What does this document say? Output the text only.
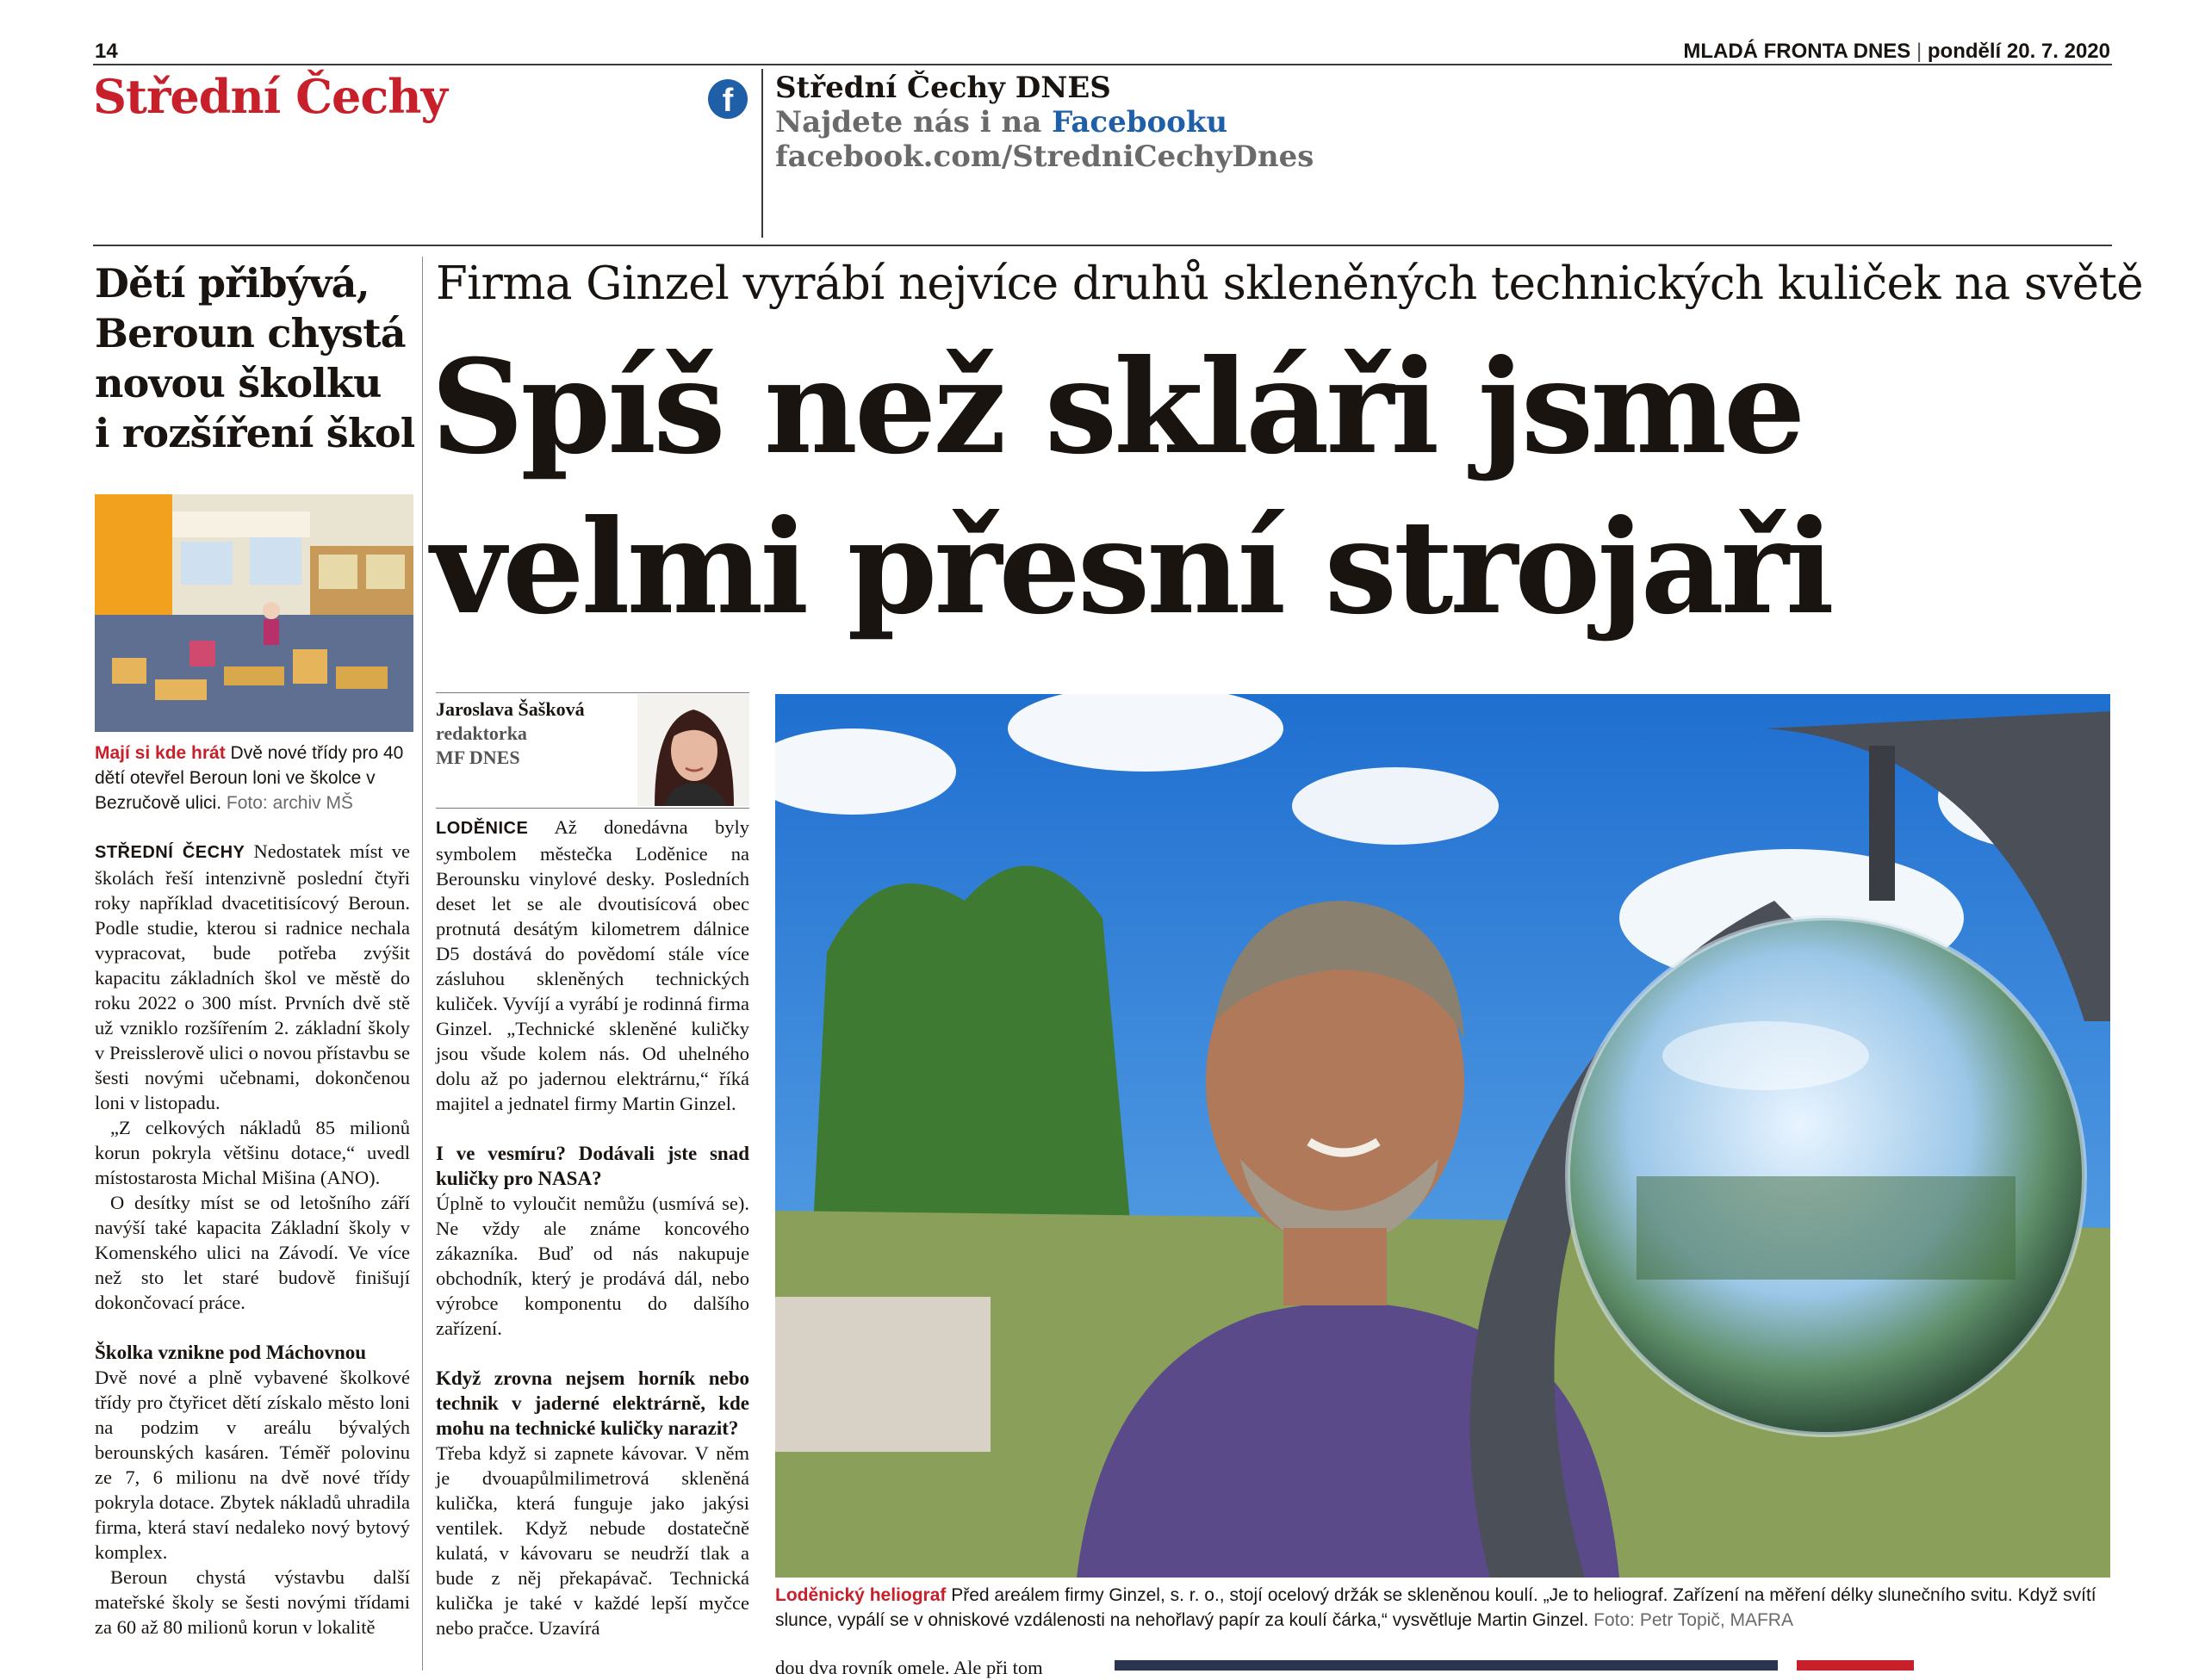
14	MLADÁ FRONTA DNES | pondělí 20. 7. 2020
Střední Čechy	f	Střední Čechy DNES
Najdete nás i na Facebooku
facebook.com/StredniCechyDnes
Dětí přibývá,
Beroun chystá
novou školku
i rozšíření škol
Mají si kde hrát Dvě nové třídy pro 40 dětí otevřel Beroun loni ve školce v Bezručově ulici. Foto: archiv MŠ

STŘEDNÍ ČECHY Nedostatek míst ve školách řeší intenzivně poslední čtyři roky například dvacetitisícový Beroun. Podle studie, kterou si radnice nechala vypracovat, bude potřeba zvýšit kapacitu základních škol ve městě do roku 2022 o 300 míst. Prvních dvě stě už vzniklo rozšířením 2. základní školy v Preisslerově ulici o novou přístavbu se šesti novými učebnami, dokončenou loni v listopadu.

„Z celkových nákladů 85 milionů korun pokryla většinu dotace,“ uvedl místostarosta Michal Mišina (ANO).

O desítky míst se od letošního září navýší také kapacita Základní školy v Komenského ulici na Závodí. Ve více než sto let staré budově finišují dokončovací práce.

Školka vznikne pod Máchovnou

Dvě nové a plně vybavené školkové třídy pro čtyřicet dětí získalo město loni na podzim v areálu bývalých berounských kasáren. Téměř polovinu ze 7, 6 milionu na dvě nové třídy pokryla dotace. Zbytek nákladů uhradila firma, která staví nedaleko nový bytový komplex.

Beroun chystá výstavbu další mateřské školy se šesti novými třídami za 60 až 80 milionů korun v lokalitě

Firma Ginzel vyrábí nejvíce druhů skleněných technických kuliček na světě
Spíš než skláři jsme
velmi přesní strojaři
Jaroslava Šašková
redaktorka
MF DNES

LODĚNICE Až donedávna byly symbolem městečka Loděnice na Berounsku vinylové desky. Posledních deset let se ale dvoutisícová obec protnutá desátým kilometrem dálnice D5 dostává do povědomí stále více zásluhou skleněných technických kuliček. Vyvíjí a vyrábí je rodinná firma Ginzel. „Technické skleněné kuličky jsou všude kolem nás. Od uhelného dolu až po jadernou elektrárnu,“ říká majitel a jednatel firmy Martin Ginzel.

I ve vesmíru? Dodávali jste snad kuličky pro NASA?

Úplně to vyloučit nemůžu (usmívá se). Ne vždy ale známe koncového zákazníka. Buď od nás nakupuje obchodník, který je prodává dál, nebo výrobce komponentu do dalšího zařízení.

Když zrovna nejsem horník nebo technik v jaderné elektrárně, kde mohu na technické kuličky narazit?

Třeba když si zapnete kávovar. V něm je dvouapůlmilimetrová skleněná kulička, která funguje jako jakýsi ventilek. Když nebude dostatečně kulatá, v kávovaru se neudrží tlak a bude z něj překapávač. Technická kulička je také v každé lepší myčce nebo pračce. Uzavírá

Loděnický heliograf Před areálem firmy Ginzel, s. r. o., stojí ocelový držák se skleněnou koulí. „Je to heliograf. Zařízení na měření délky slunečního svitu. Když svítí slunce, vypálí se v ohniskové vzdálenosti na nehořlavý papír za koulí čárka,“ vysvětluje Martin Ginzel. Foto: Petr Topič, MAFRA
dou dva rovník omele. Ale při tom
